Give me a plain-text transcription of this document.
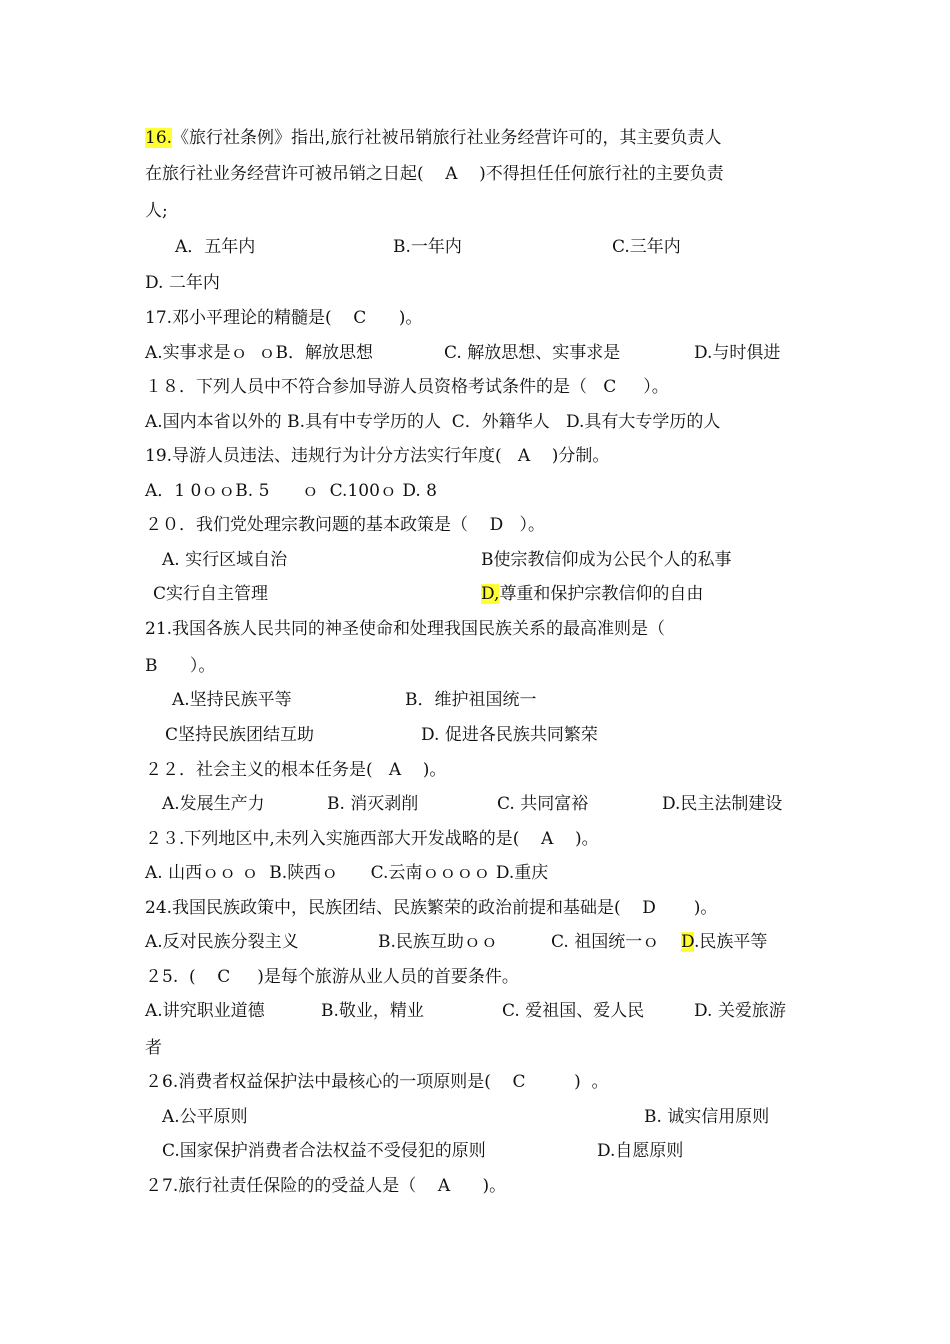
16.《旅行社条例》指出,旅行社被吊销旅行社业务经营许可的，其主要负责人
在旅行社业务经营许可被吊销之日起(    A    )不得担任任何旅行社的主要负责
人;
A．五年内	B.一年内	C.三年内
D. 二年内
17.邓小平理论的精髓是(    C      )。
A.实事求是ｏ  ｏB．解放思想	C. 解放思想、实事求是	D.与时俱进
１８．下列人员中不符合参加导游人员资格考试条件的是（   C     ）。
A.国内本省以外的 B.具有中专学历的人  C．外籍华人   D.具有大专学历的人
19.导游人员违法、违规行为计分方法实行年度(   A    )分制。
A．1 0ｏｏB. 5      ｏ  C.100ｏ D. 8
２０．我们党处理宗教问题的基本政策是（    D   ）。
A. 实行区域自治	B使宗教信仰成为公民个人的私事
C实行自主管理	D,尊重和保护宗教信仰的自由
21.我国各族人民共同的神圣使命和处理我国民族关系的最高准则是（
B      ）。
A.坚持民族平等	B．维护祖国统一
C坚持民族团结互助	D. 促进各民族共同繁荣
２２．社会主义的根本任务是(   A    )。
A.发展生产力	B. 消灭剥削	C. 共同富裕	D.民主法制建设
２３.下列地区中,未列入实施西部大开发战略的是(    A    )。
A. 山西ｏｏ ｏ  B.陕西ｏ      C.云南ｏｏｏｏ D.重庆
24.我国民族政策中，民族团结、民族繁荣的政治前提和基础是(    D       )。
A.反对民族分裂主义	B.民族互助ｏｏ	C. 祖国统一ｏ D.民族平等
２5.  (    C     )是每个旅游从业人员的首要条件。
A.讲究职业道德	B.敬业，精业	C. 爱祖国、爱人民	D. 关爱旅游
者
２6.消费者权益保护法中最核心的一项原则是(    C         )  。
A.公平原则	B. 诚实信用原则
C.国家保护消费者合法权益不受侵犯的原则	D.自愿原则
２7.旅行社责任保险的的受益人是（    A      )。
